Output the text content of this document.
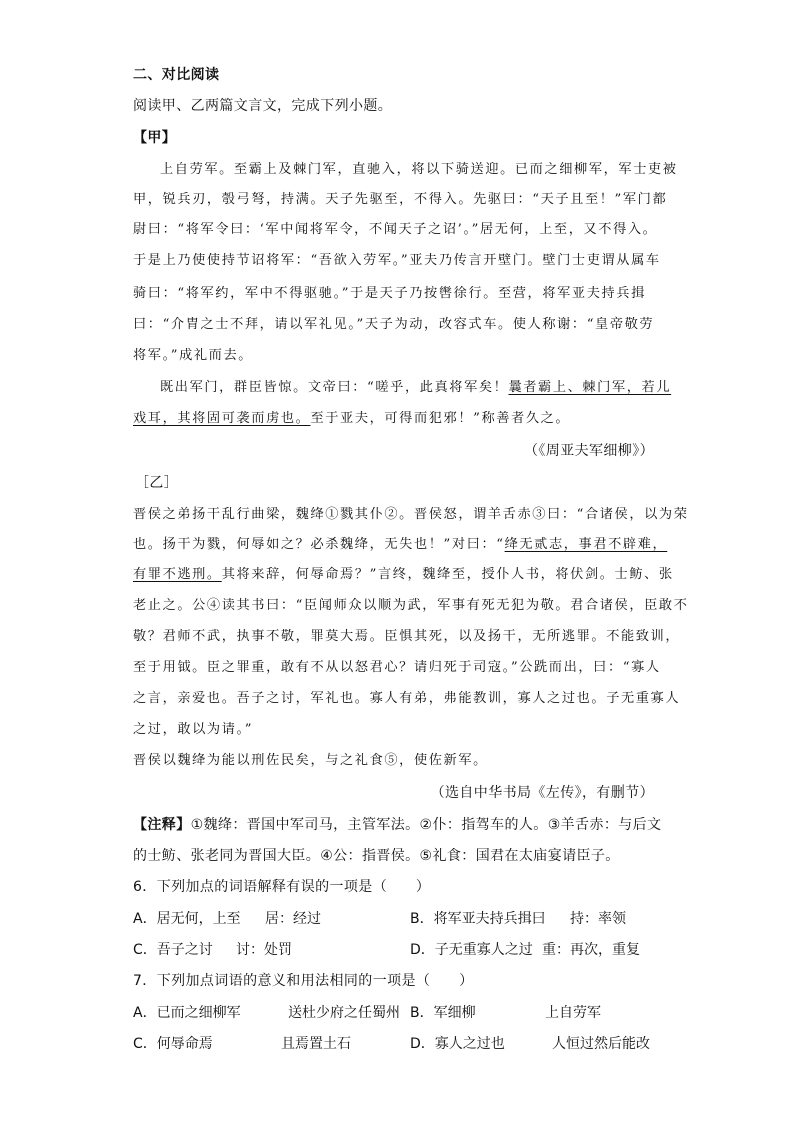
二、对比阅读
阅读甲、乙两篇文言文，完成下列小题。
【甲】
上自劳军。至霸上及棘门军，直驰入，将以下骑送迎。已而之细柳军，军士吏被
甲，锐兵刃，彀弓弩，持满。天子先驱至，不得入。先驱曰：“天子且至！”军门都
尉曰：“将军令曰：‘军中闻将军令，不闻天子之诏’。”居无何，上至，又不得入。
于是上乃使使持节诏将军：“吾欲入劳军。”亚夫乃传言开壁门。壁门士吏谓从属车
骑曰：“将军约，军中不得驱驰。”于是天子乃按辔徐行。至营，将军亚夫持兵揖
曰：“介胄之士不拜，请以军礼见。”天子为动，改容式车。使人称谢：“皇帝敬劳
将军。”成礼而去。
既出军门，群臣皆惊。文帝曰：“嗟乎，此真将军矣！曩者霸上、棘门军，若儿
戏耳，其将固可袭而虏也。至于亚夫，可得而犯邪！”称善者久之。
（《周亚夫军细柳》）
［乙］
晋侯之弟扬干乱行曲梁，魏绛①戮其仆②。晋侯怒，谓羊舌赤③曰：“合诸侯，以为荣
也。扬干为戮，何辱如之？必杀魏绛，无失也！”对曰：“绛无贰志，事君不辟难，
有罪不逃刑。其将来辞，何辱命焉？”言终，魏绛至，授仆人书，将伏剑。士鲂、张
老止之。公④读其书曰：“臣闻师众以顺为武，军事有死无犯为敬。君合诸侯，臣敢不
敬？君师不武，执事不敬，罪莫大焉。臣惧其死，以及扬干，无所逃罪。不能致训，
至于用钺。臣之罪重，敢有不从以怒君心？请归死于司寇。”公跣而出，曰：“寡人
之言，亲爱也。吾子之讨，军礼也。寡人有弟，弗能教训，寡人之过也。子无重寡人
之过，敢以为请。”
晋侯以魏绛为能以刑佐民矣，与之礼食⑤，使佐新军。
（选自中华书局《左传》，有删节）
【注释】①魏绛：晋国中军司马，主管军法。②仆：指驾车的人。③羊舌赤：与后文
的士鲂、张老同为晋国大臣。④公：指晋侯。⑤礼食：国君在太庙宴请臣子。
6．下列加点的词语解释有误的一项是（　　）
A．居无何，上至 居：经过	B．将军亚夫持兵揖曰 持：率领
C．吾子之讨 讨：处罚	D．子无重寡人之过 重：再次，重复
7．下列加点词语的意义和用法相同的一项是（　　）
A．已而之细柳军	送杜少府之任蜀州 B．军细柳	上自劳军
C．何辱命焉	且焉置土石	D．寡人之过也	人恒过然后能改
